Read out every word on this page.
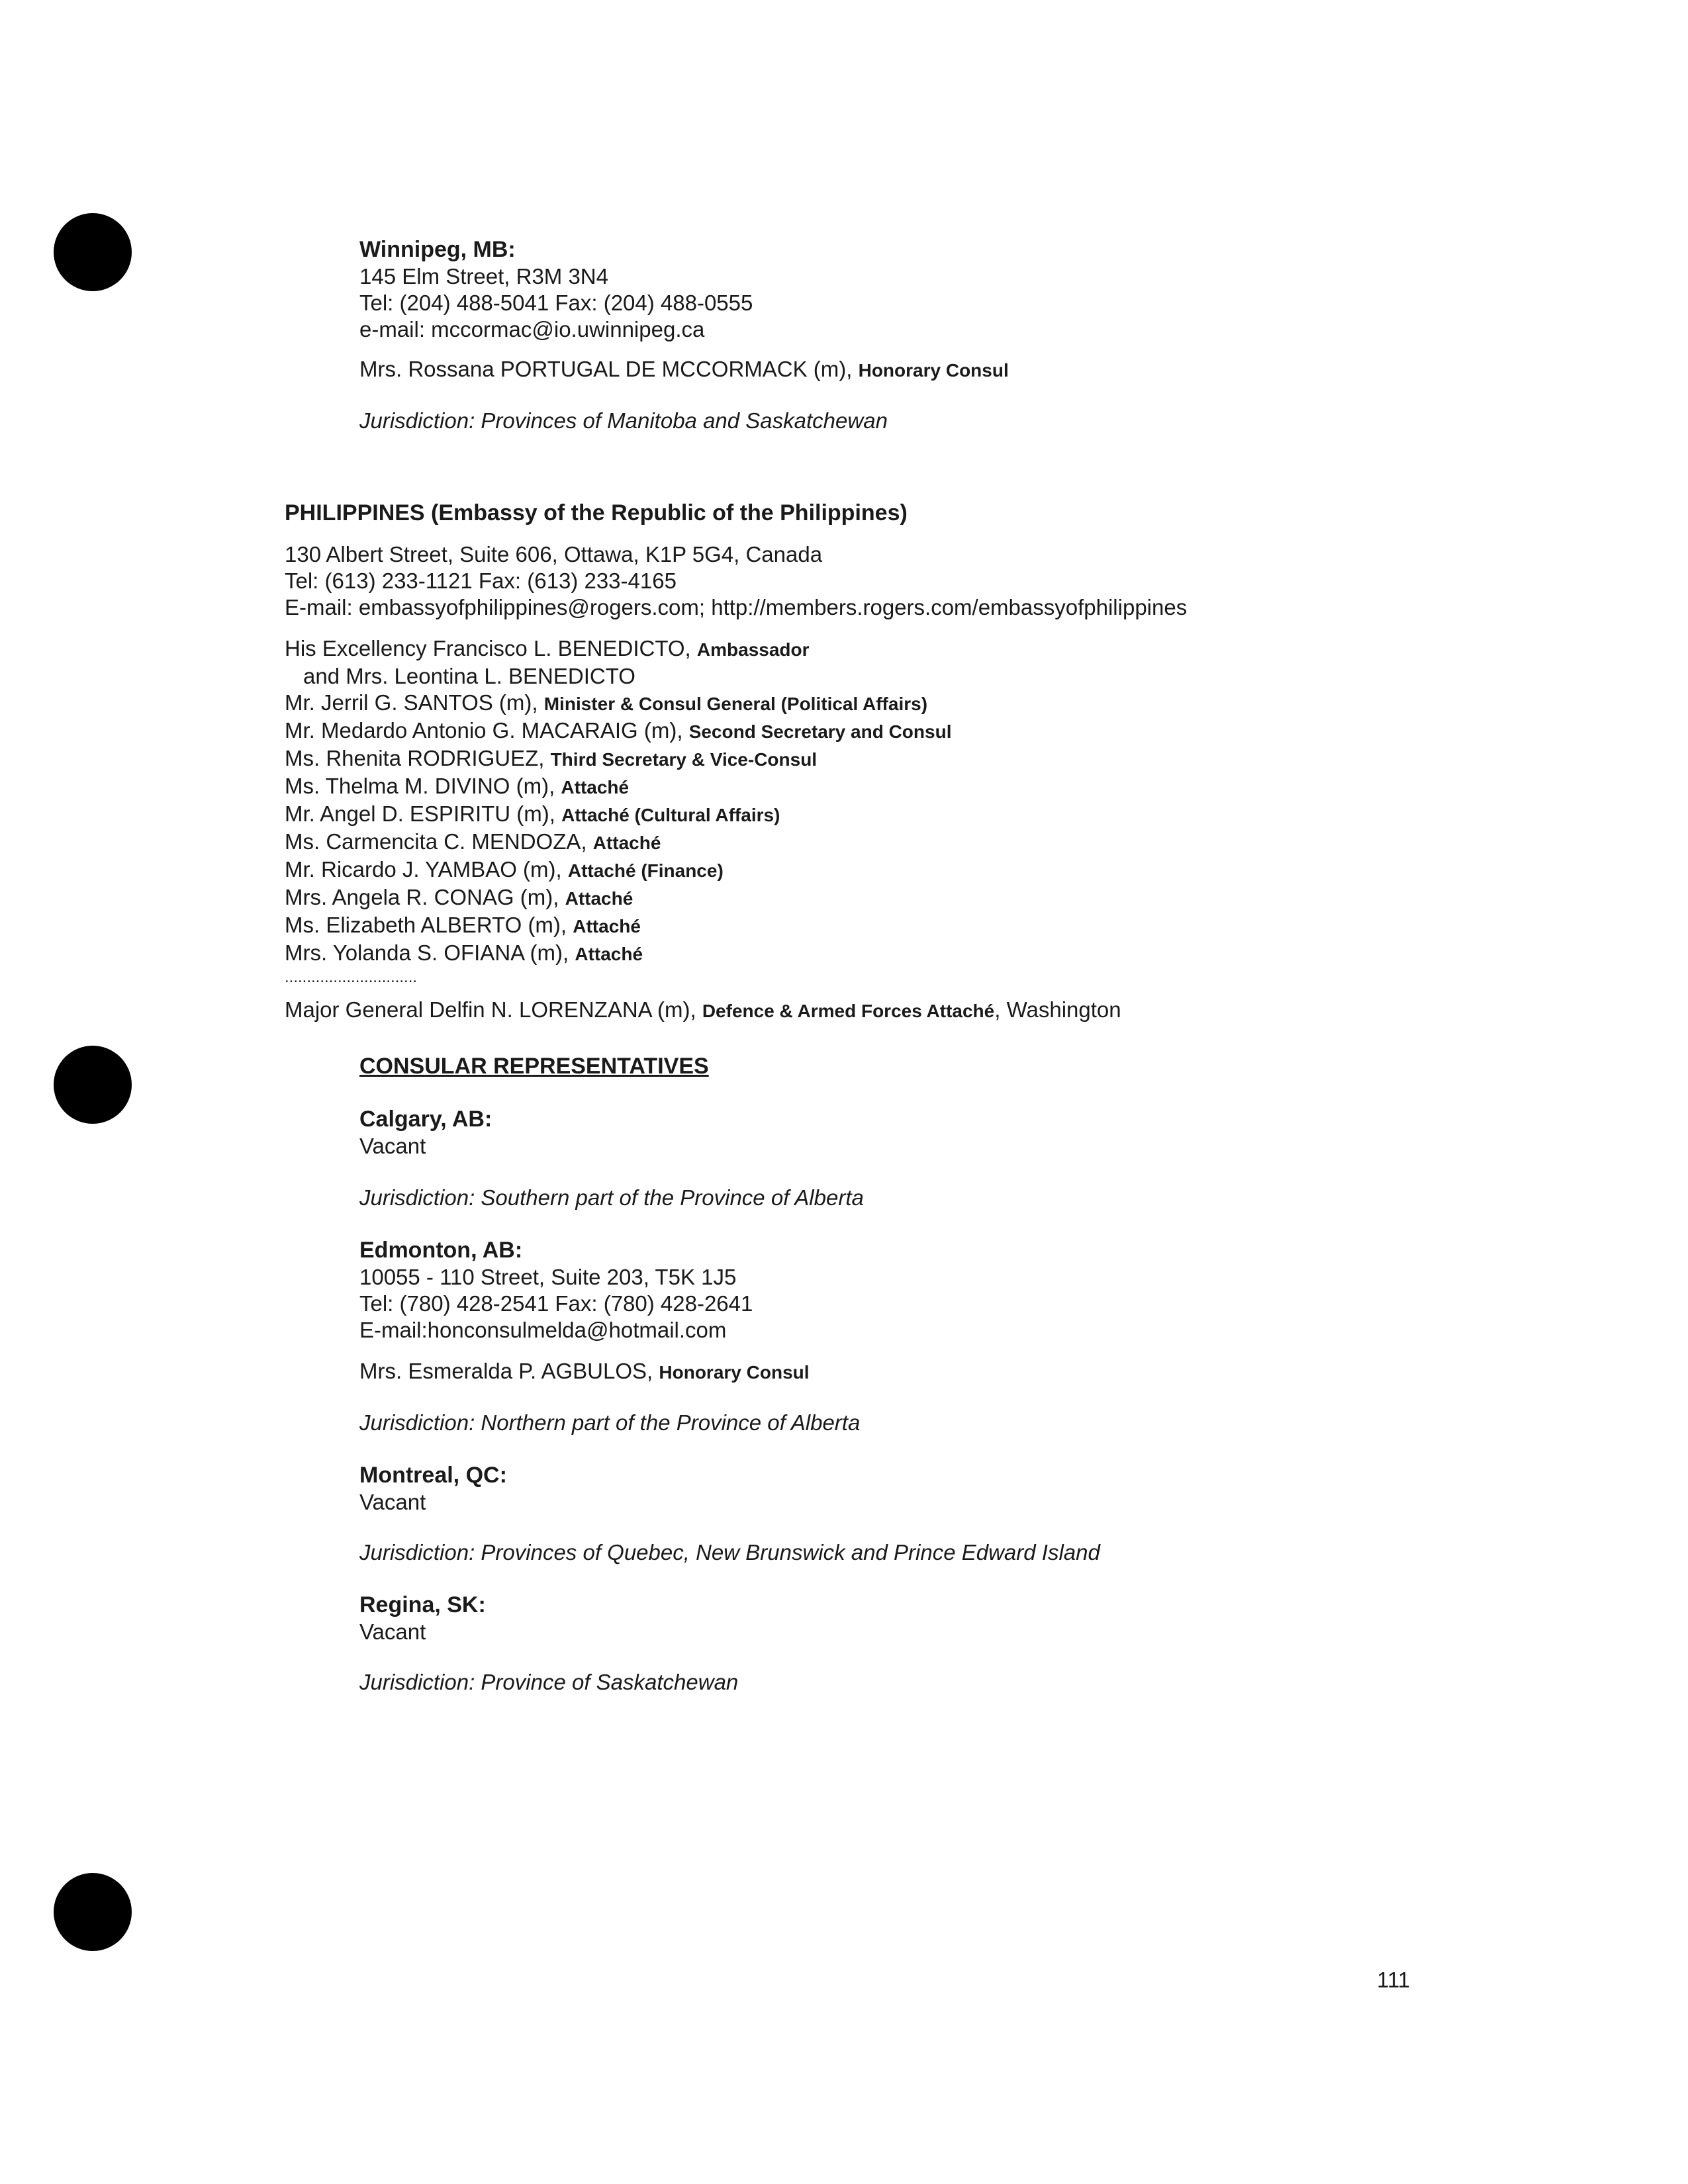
Winnipeg, MB:
145 Elm Street, R3M 3N4
Tel: (204) 488-5041 Fax: (204) 488-0555
e-mail: mccormac@io.uwinnipeg.ca
Mrs. Rossana PORTUGAL DE MCCORMACK (m), Honorary Consul
Jurisdiction: Provinces of Manitoba and Saskatchewan
PHILIPPINES (Embassy of the Republic of the Philippines)
130 Albert Street, Suite 606, Ottawa, K1P 5G4, Canada
Tel: (613) 233-1121 Fax: (613) 233-4165
E-mail: embassyofphilippines@rogers.com; http://members.rogers.com/embassyofphilippines
His Excellency Francisco L. BENEDICTO, Ambassador
and Mrs. Leontina L. BENEDICTO
Mr. Jerril G. SANTOS (m), Minister & Consul General (Political Affairs)
Mr. Medardo Antonio G. MACARAIG (m), Second Secretary and Consul
Ms. Rhenita RODRIGUEZ, Third Secretary & Vice-Consul
Ms. Thelma M. DIVINO (m), Attaché
Mr. Angel D. ESPIRITU (m), Attaché (Cultural Affairs)
Ms. Carmencita C. MENDOZA, Attaché
Mr. Ricardo J. YAMBAO (m), Attaché (Finance)
Mrs. Angela R. CONAG (m), Attaché
Ms. Elizabeth ALBERTO (m), Attaché
Mrs. Yolanda S. OFIANA (m), Attaché
..............................
Major General Delfin N. LORENZANA (m), Defence & Armed Forces Attaché, Washington
CONSULAR REPRESENTATIVES
Calgary, AB:
Vacant
Jurisdiction: Southern part of the Province of Alberta
Edmonton, AB:
10055 - 110 Street, Suite 203, T5K 1J5
Tel: (780) 428-2541 Fax: (780) 428-2641
E-mail:honconsulmelda@hotmail.com
Mrs. Esmeralda P. AGBULOS, Honorary Consul
Jurisdiction: Northern part of the Province of Alberta
Montreal, QC:
Vacant
Jurisdiction: Provinces of Quebec, New Brunswick and Prince Edward Island
Regina, SK:
Vacant
Jurisdiction: Province of Saskatchewan
111
